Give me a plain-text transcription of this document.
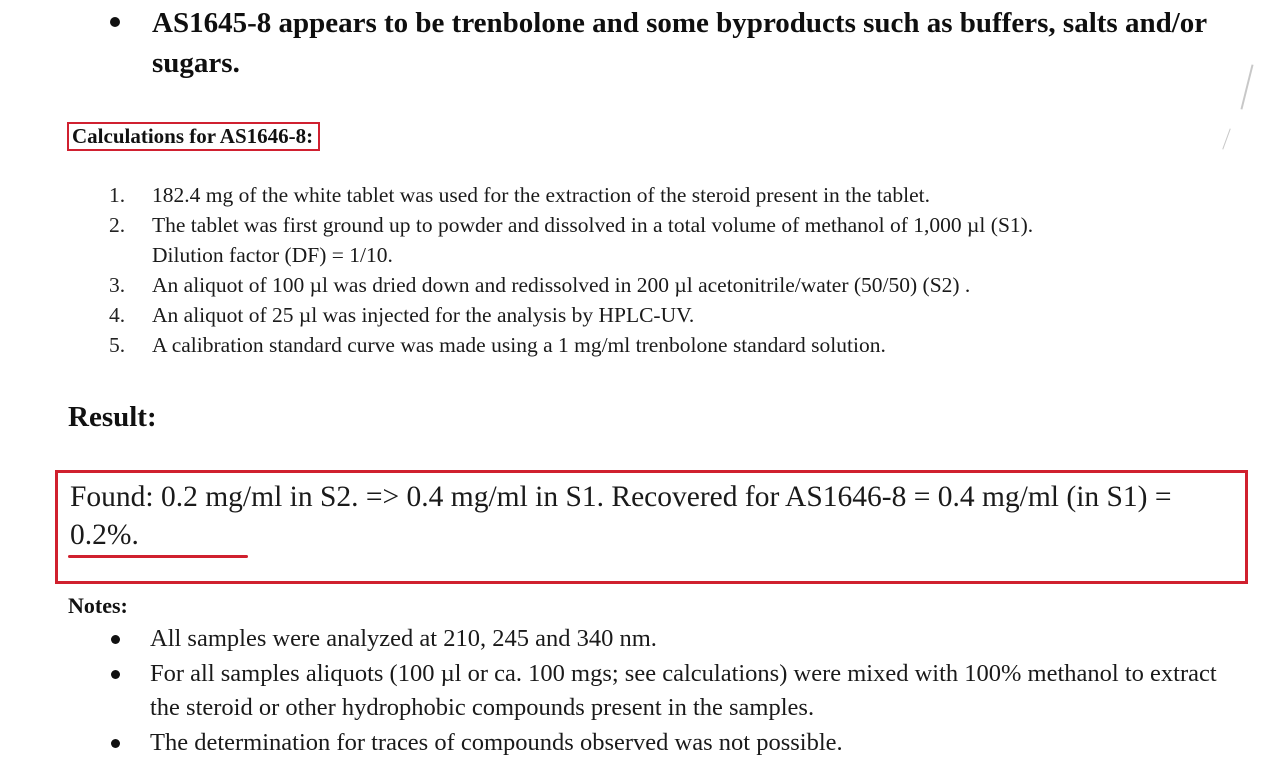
AS1645-8 appears to be trenbolone and some byproducts such as buffers, salts and/or sugars.
Calculations for AS1646-8:
1.	182.4 mg of the white tablet was used for the extraction of the steroid present in the tablet.
2.	The tablet was first ground up to powder and dissolved in a total volume of methanol of 1,000 µl (S1).
Dilution factor (DF) = 1/10.
3.	An aliquot of 100 µl was dried down and redissolved in 200 µl acetonitrile/water (50/50) (S2) .
4.	An aliquot of 25 µl was injected for the analysis by HPLC-UV.
5.	A calibration standard curve was made using a 1 mg/ml trenbolone standard solution.
Result:
Found: 0.2 mg/ml in S2. => 0.4 mg/ml in S1. Recovered for AS1646-8 = 0.4 mg/ml (in S1) = 0.2%.
Notes:
All samples were analyzed at 210, 245 and 340 nm.
For all samples aliquots (100 µl or ca. 100 mgs; see calculations) were mixed with 100% methanol to extract the steroid or other hydrophobic compounds present in the samples.
The determination for traces of compounds observed was not possible.
